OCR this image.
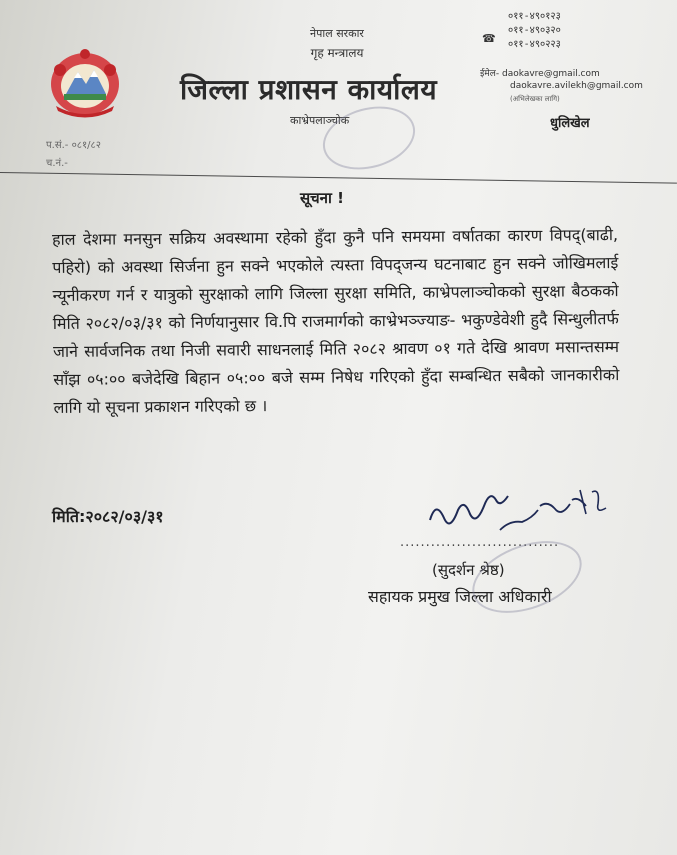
नेपाल सरकार
गृह मन्त्रालय
जिल्ला प्रशासन कार्यालय
काभ्रेपलाञ्चोक
☎
०११-४९०१२३
०११-४९०३२०
०११-४९०२२३
ईमेल- daokavre@gmail.com
daokavre.avilekh@gmail.com
(अभिलेखका लागि)
धुलिखेल
प.सं.- ०८१/८२
च.नं.-
सूचना !
हाल देशमा मनसुन सक्रिय अवस्थामा रहेको हुँदा कुनै पनि समयमा वर्षातका कारण विपद्(बाढी, पहिरो) को अवस्था सिर्जना हुन सक्ने भएकोले त्यस्ता विपद्जन्य घटनाबाट हुन सक्ने जोखिमलाई न्यूनीकरण गर्न र यात्रुको सुरक्षाको लागि जिल्ला सुरक्षा समिति, काभ्रेपलाञ्चोकको सुरक्षा बैठकको मिति २०८२/०३/३१ को निर्णयानुसार वि.पि राजमार्गको काभ्रेभञ्ज्याङ- भकुण्डेवेशी हुदै सिन्धुलीतर्फ जाने सार्वजनिक तथा निजी सवारी साधनलाई मिति २०८२ श्रावण ०१ गते देखि श्रावण मसान्तसम्म साँझ ०५:०० बजेदेखि बिहान ०५:०० बजे सम्म निषेध गरिएको हुँदा सम्बन्धित सबैको जानकारीको लागि यो सूचना प्रकाशन गरिएको छ ।
मिति:२०८२/०३/३१
...............................
(सुदर्शन श्रेष्ठ)
सहायक प्रमुख जिल्ला अधिकारी
